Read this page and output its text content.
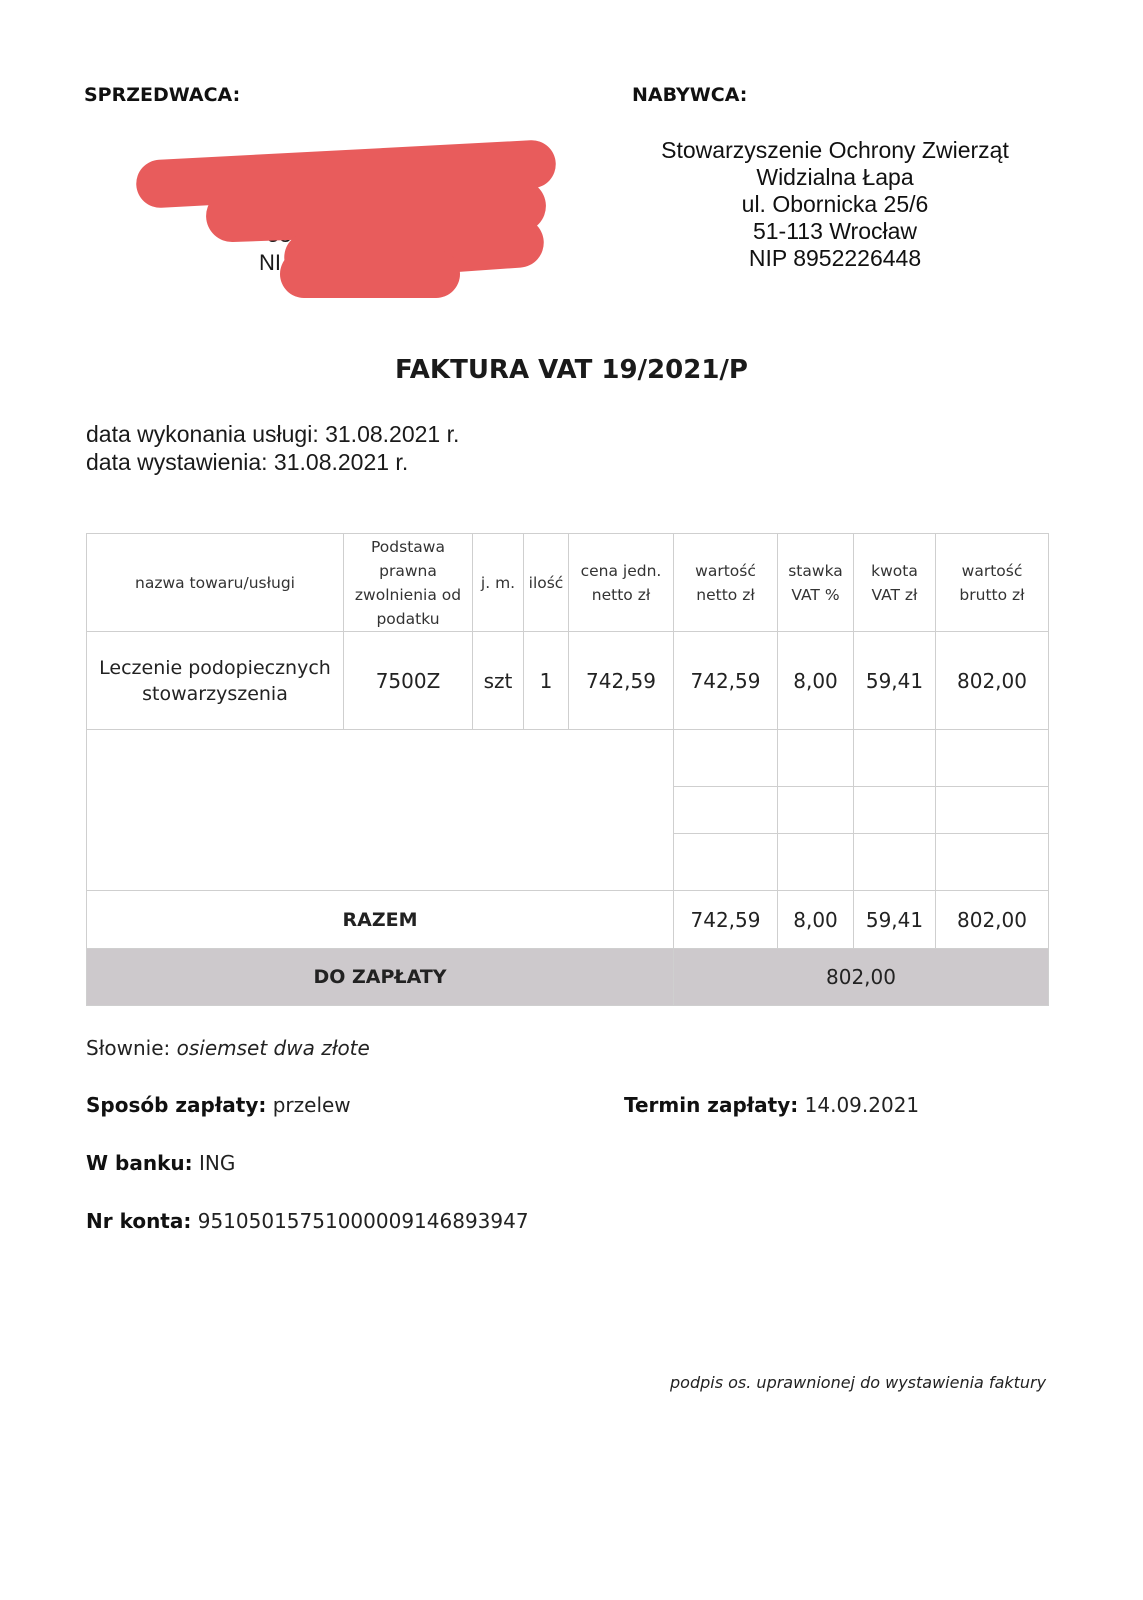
SPRZEDWACA:
NI
NABYWCA:
Stowarzyszenie Ochrony Zwierząt
Widzialna Łapa
ul. Obornicka 25/6
51-113 Wrocław
NIP 8952226448
FAKTURA VAT 19/2021/P
data wykonania usługi: 31.08.2021 r.
data wystawienia: 31.08.2021 r.
nazwa towaru/usługi	Podstawa prawna zwolnienia od podatku	j. m.	ilość	cena jedn. netto zł	wartość netto zł	stawka VAT %	kwota VAT zł	wartość brutto zł
Leczenie podopiecznych stowarzyszenia	7500Z	szt	1	742,59	742,59	8,00	59,41	802,00

RAZEM					742,59	8,00	59,41	802,00
DO ZAPŁATY					802,00			
Słownie: osiemset dwa złote
Sposób zapłaty: przelew	Termin zapłaty: 14.09.2021
W banku: ING
Nr konta: 95105015751000009146893947
podpis os. uprawnionej do wystawienia faktury
